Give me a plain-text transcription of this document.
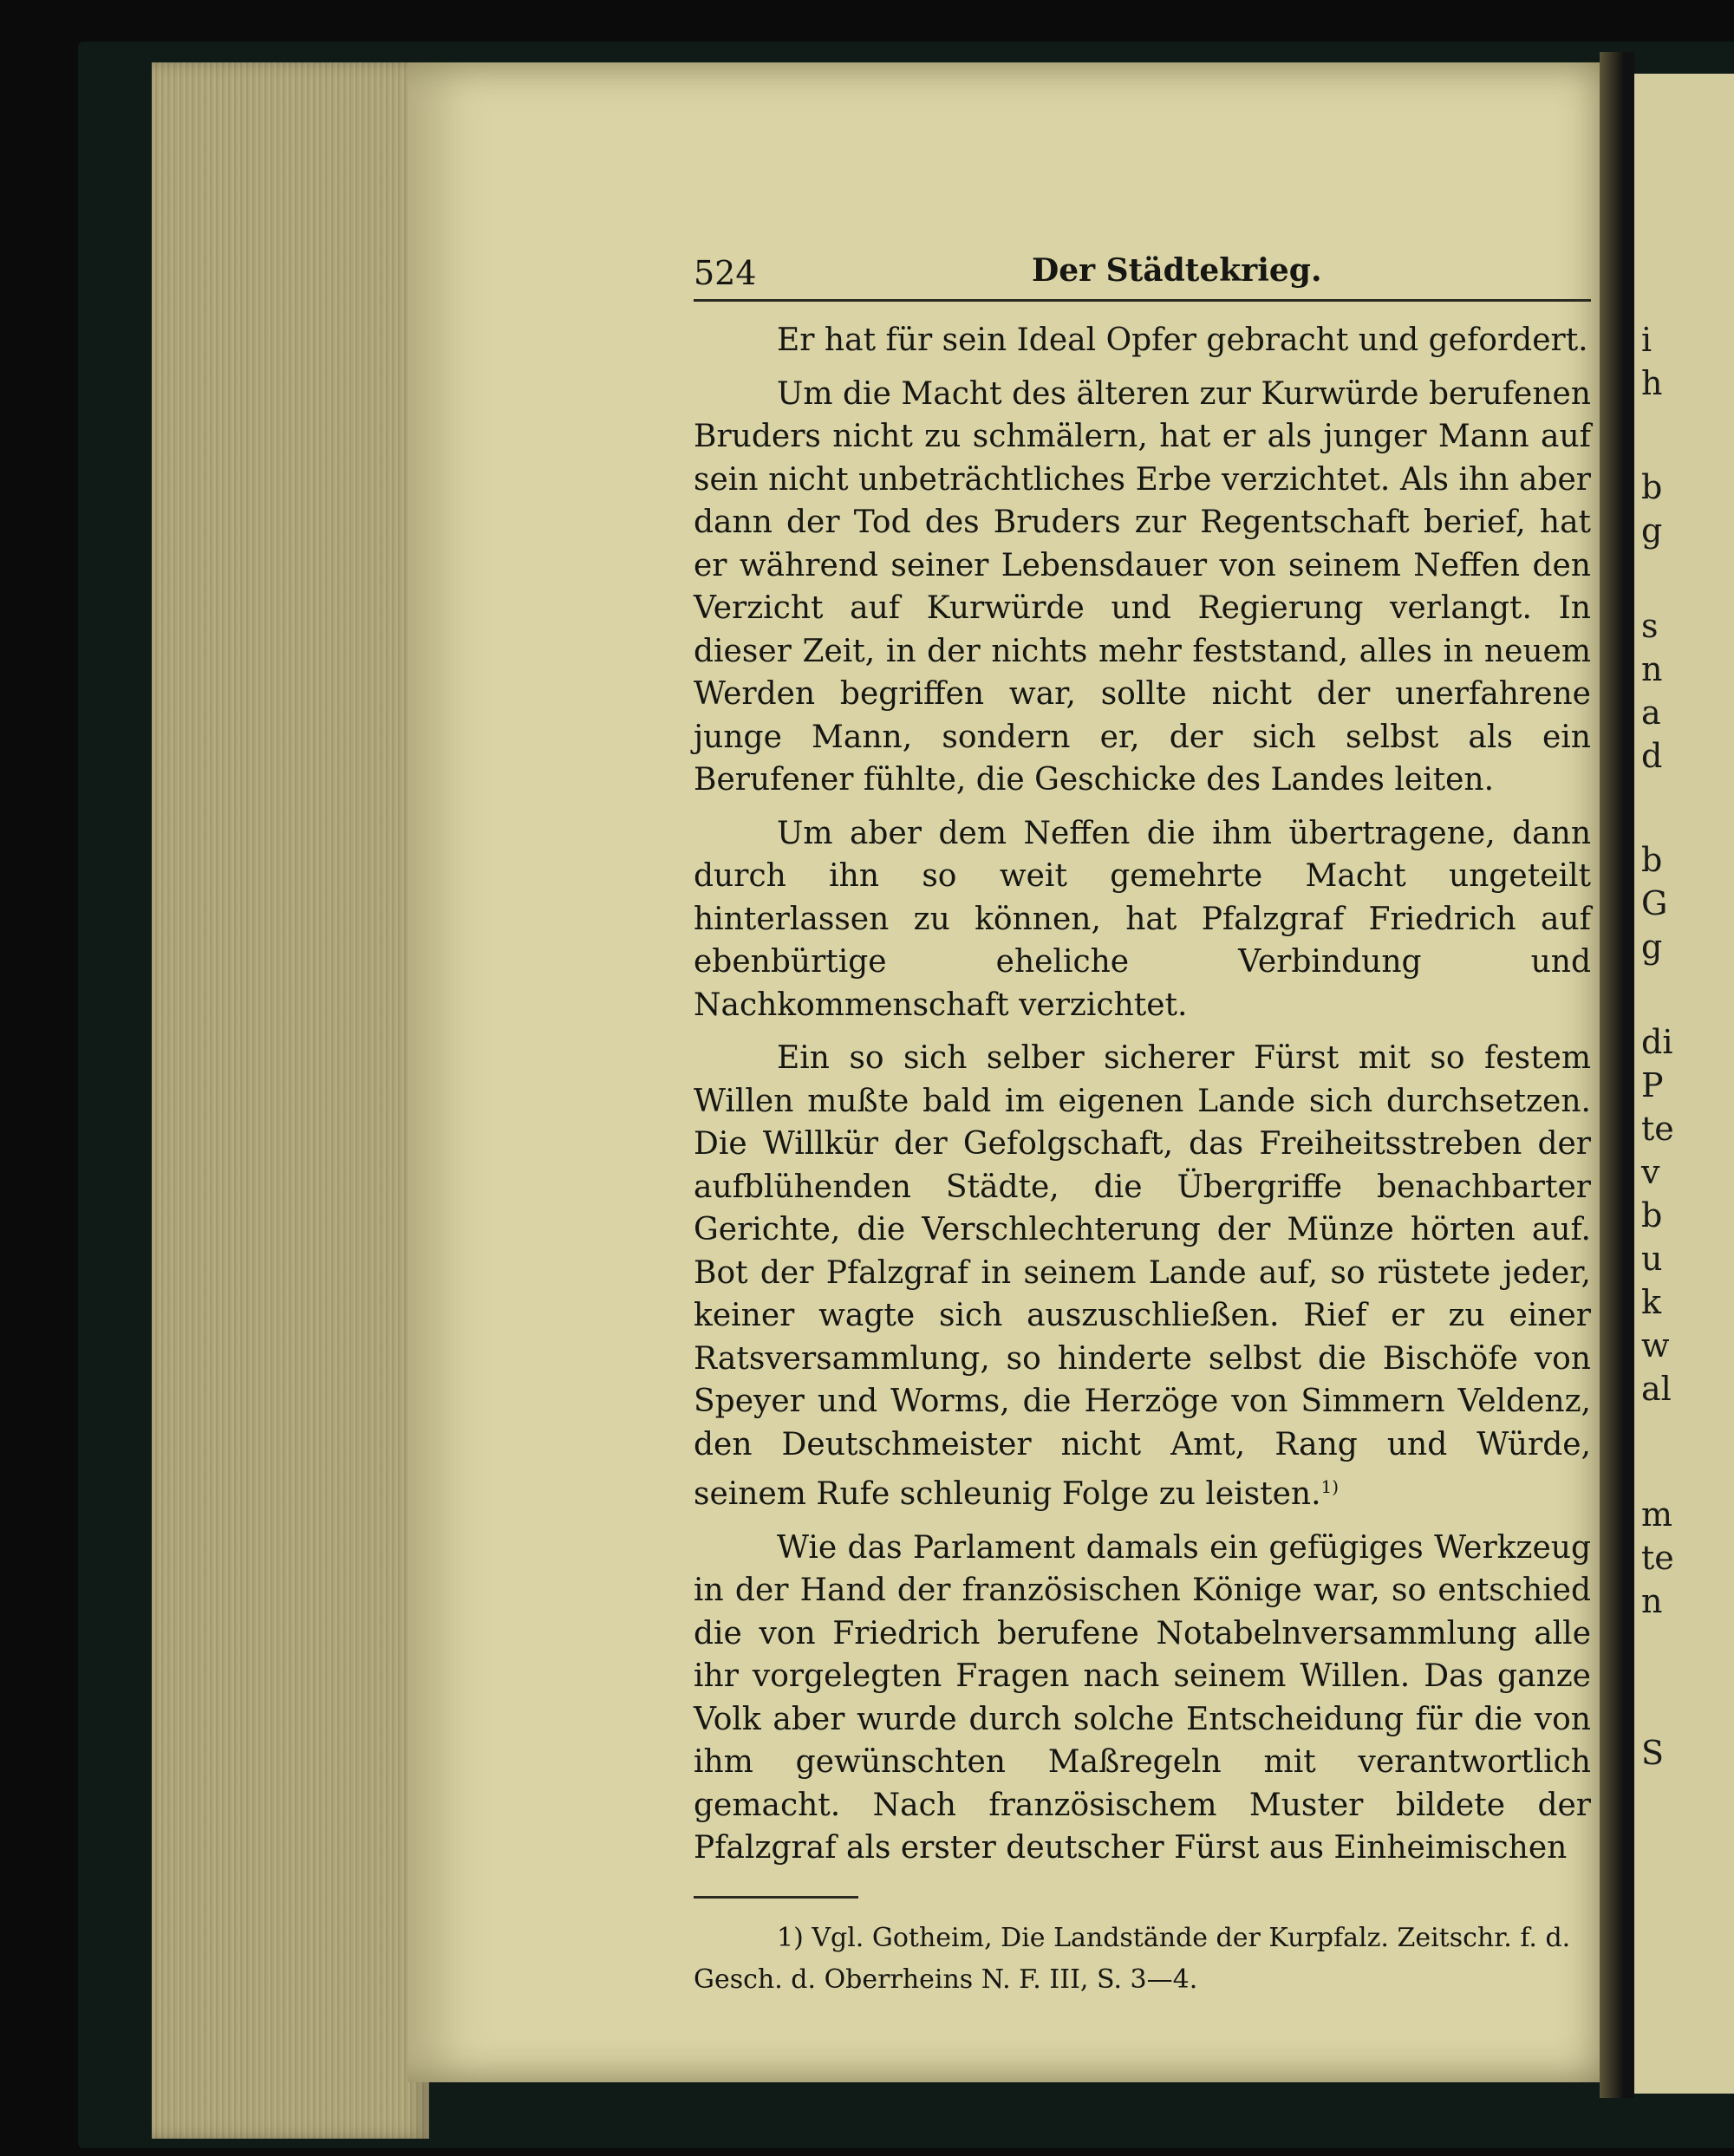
i
h
b
g
s
n
a
d
b
G
g
di
P
te
v
b
u
k
w
al
m
te
n
S
524	Der Städtekrieg.

Er hat für sein Ideal Opfer gebracht und gefordert.

Um die Macht des älteren zur Kurwürde berufenen Bruders nicht zu schmälern, hat er als junger Mann auf sein nicht unbeträchtliches Erbe verzichtet. Als ihn aber dann der Tod des Bruders zur Regentschaft berief, hat er während seiner Lebensdauer von seinem Neffen den Verzicht auf Kurwürde und Regierung verlangt. In dieser Zeit, in der nichts mehr feststand, alles in neuem Werden begriffen war, sollte nicht der unerfahrene junge Mann, sondern er, der sich selbst als ein Berufener fühlte, die Geschicke des Landes leiten.

Um aber dem Neffen die ihm übertragene, dann durch ihn so weit gemehrte Macht ungeteilt hinterlassen zu können, hat Pfalzgraf Friedrich auf ebenbürtige eheliche Verbindung und Nachkommenschaft verzichtet.

Ein so sich selber sicherer Fürst mit so festem Willen mußte bald im eigenen Lande sich durchsetzen. Die Willkür der Gefolgschaft, das Freiheitsstreben der aufblühenden Städte, die Übergriffe benachbarter Gerichte, die Verschlechterung der Münze hörten auf. Bot der Pfalzgraf in seinem Lande auf, so rüstete jeder, keiner wagte sich auszuschließen. Rief er zu einer Ratsversammlung, so hinderte selbst die Bischöfe von Speyer und Worms, die Herzöge von Simmern Veldenz, den Deutschmeister nicht Amt, Rang und Würde, seinem Rufe schleunig Folge zu leisten.$^{1)}$

Wie das Parlament damals ein gefügiges Werkzeug in der Hand der französischen Könige war, so entschied die von Friedrich berufene Notabelnversammlung alle ihr vorgelegten Fragen nach seinem Willen. Das ganze Volk aber wurde durch solche Entscheidung für die von ihm gewünschten Maßregeln mit verantwortlich gemacht. Nach französischem Muster bildete der Pfalzgraf als erster deutscher Fürst aus Einheimischen

1) Vgl. Gotheim, Die Landstände der Kurpfalz. Zeitschr. f. d. Gesch. d. Oberrheins N. F. III, S. 3—4.
